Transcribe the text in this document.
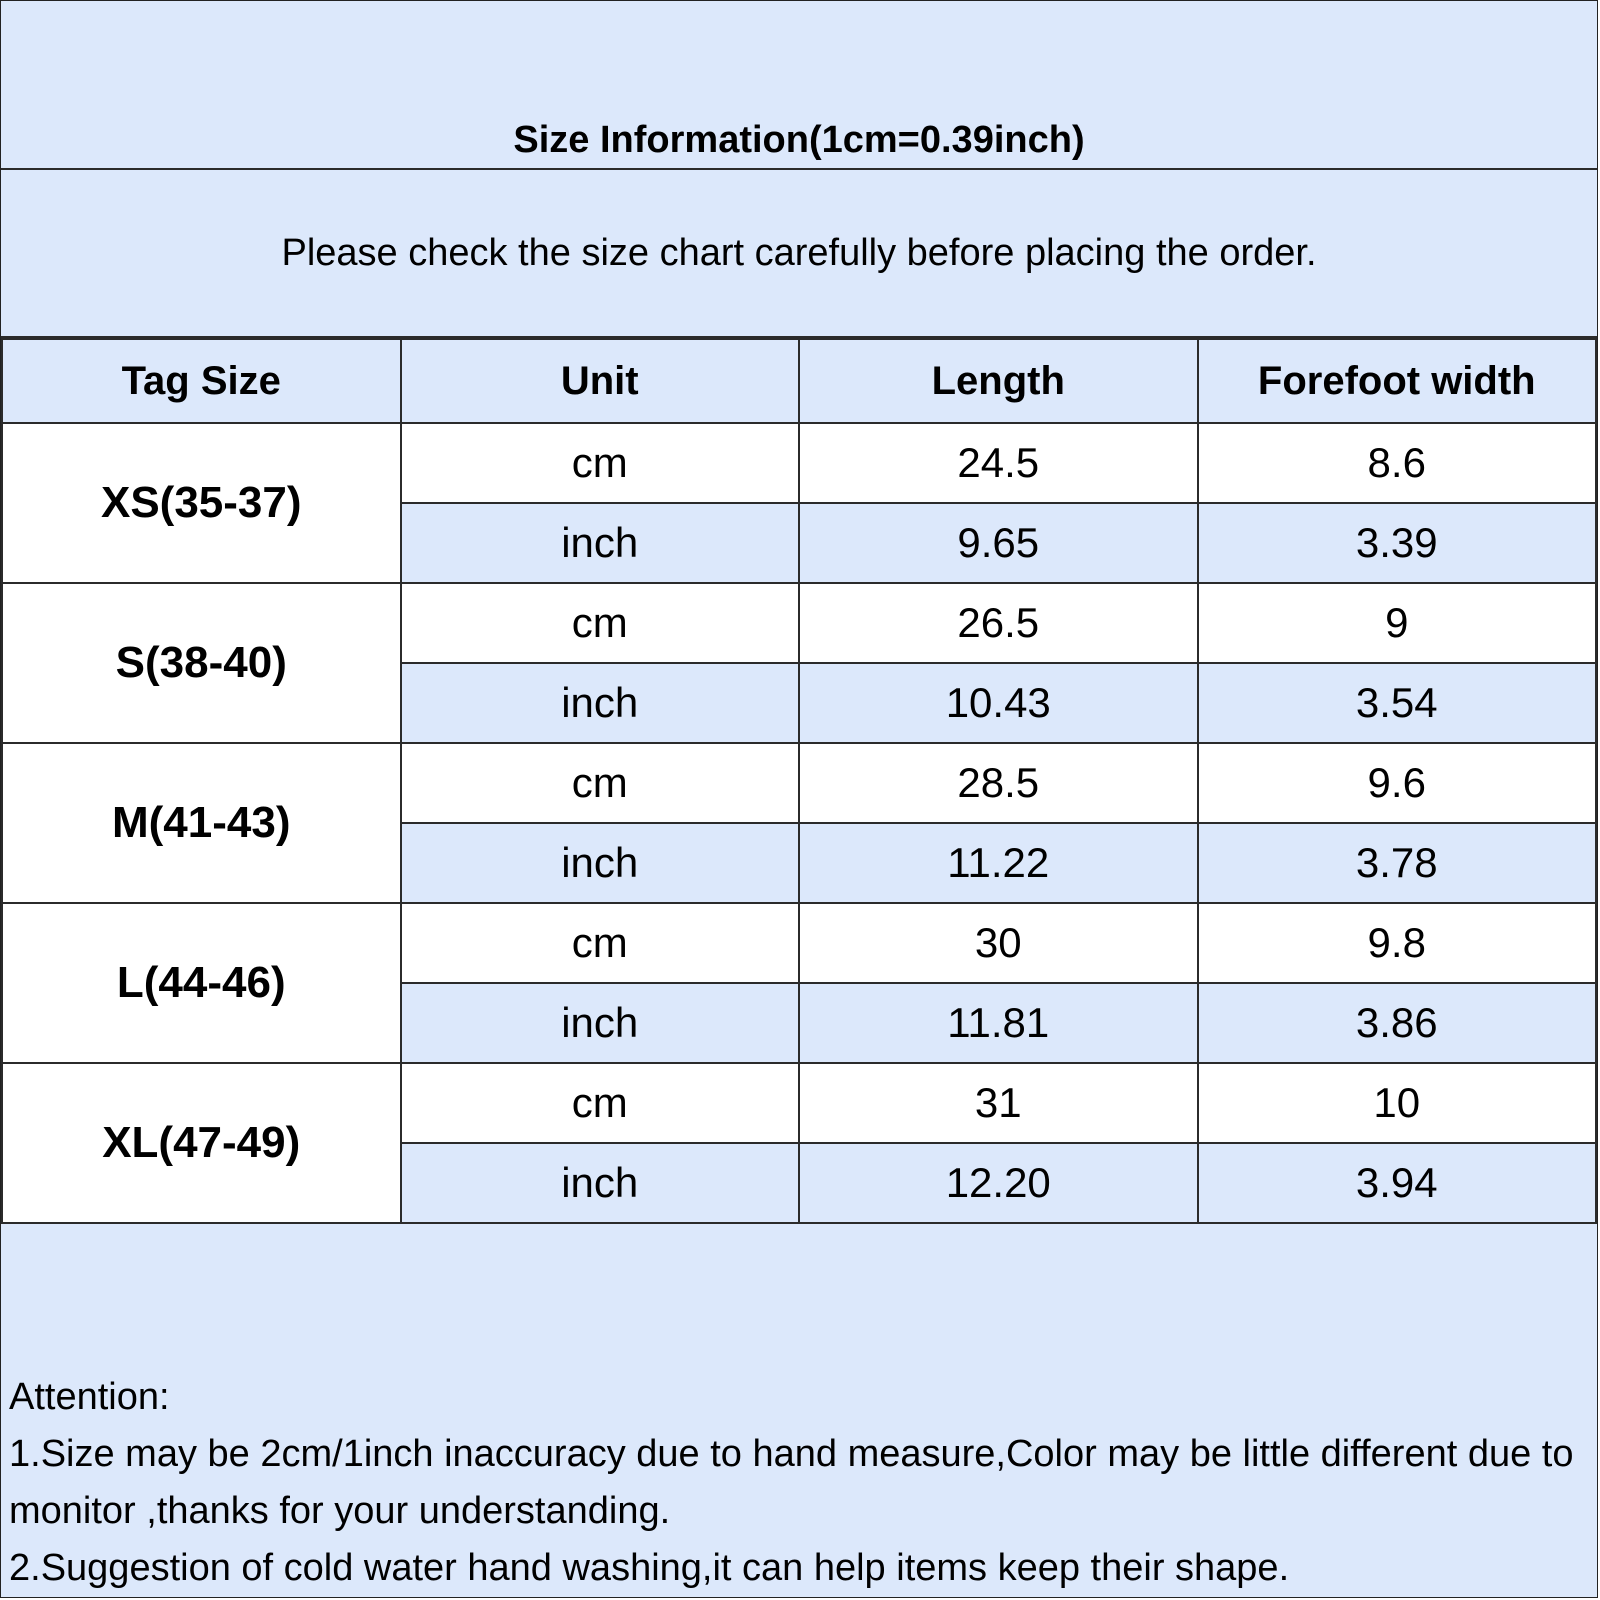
Size Information(1cm=0.39inch)
Please check the size chart carefully before placing the order.
Tag Size	Unit	Length	Forefoot width
XS(35-37)	cm	24.5	8.6
	inch	9.65	3.39
S(38-40)	cm	26.5	9
	inch	10.43	3.54
M(41-43)	cm	28.5	9.6
	inch	11.22	3.78
L(44-46)	cm	30	9.8
	inch	11.81	3.86
XL(47-49)	cm	31	10
	inch	12.20	3.94
Attention:
1.Size may be 2cm/1inch inaccuracy due to hand measure,Color may be little different due to monitor ,thanks for your understanding.
2.Suggestion of cold water hand washing,it can help items keep their shape.
